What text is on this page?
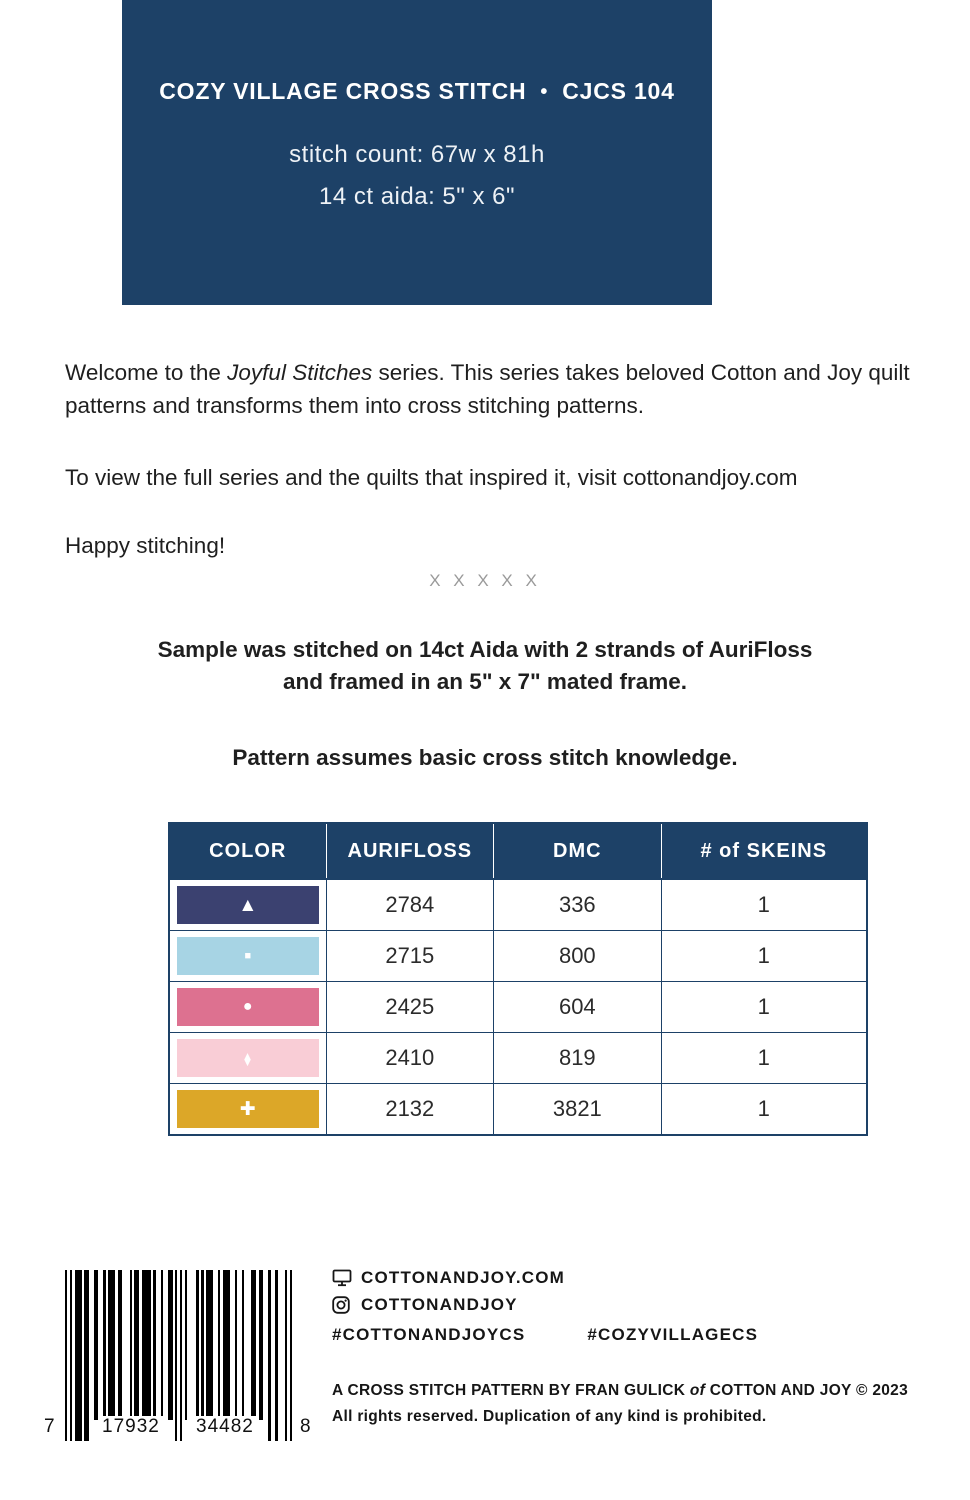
COZY VILLAGE CROSS STITCH • CJCS 104
stitch count: 67w x 81h
14 ct aida: 5" x 6"

Welcome to the Joyful Stitches series. This series takes beloved Cotton and Joy quilt patterns and transforms them into cross stitching patterns.

To view the full series and the quilts that inspired it, visit cottonandjoy.com

Happy stitching!

X X X X X

Sample was stitched on 14ct Aida with 2 strands of AuriFloss
and framed in an 5" x 7" mated frame.

Pattern assumes basic cross stitch knowledge.

COLOR	AURIFLOSS	DMC	# of SKEINS

▲	2784	336	1

■	2715	800	1

●	2425	604	1

◆	2410	819	1

✚	2132	3821	1
7 17932 34482 8
COTTONANDJOY.COM
COTTONANDJOY
#COTTONANDJOYCS	#COZYVILLAGECS
A CROSS STITCH PATTERN BY FRAN GULICK of COTTON AND JOY © 2023
All rights reserved. Duplication of any kind is prohibited.
